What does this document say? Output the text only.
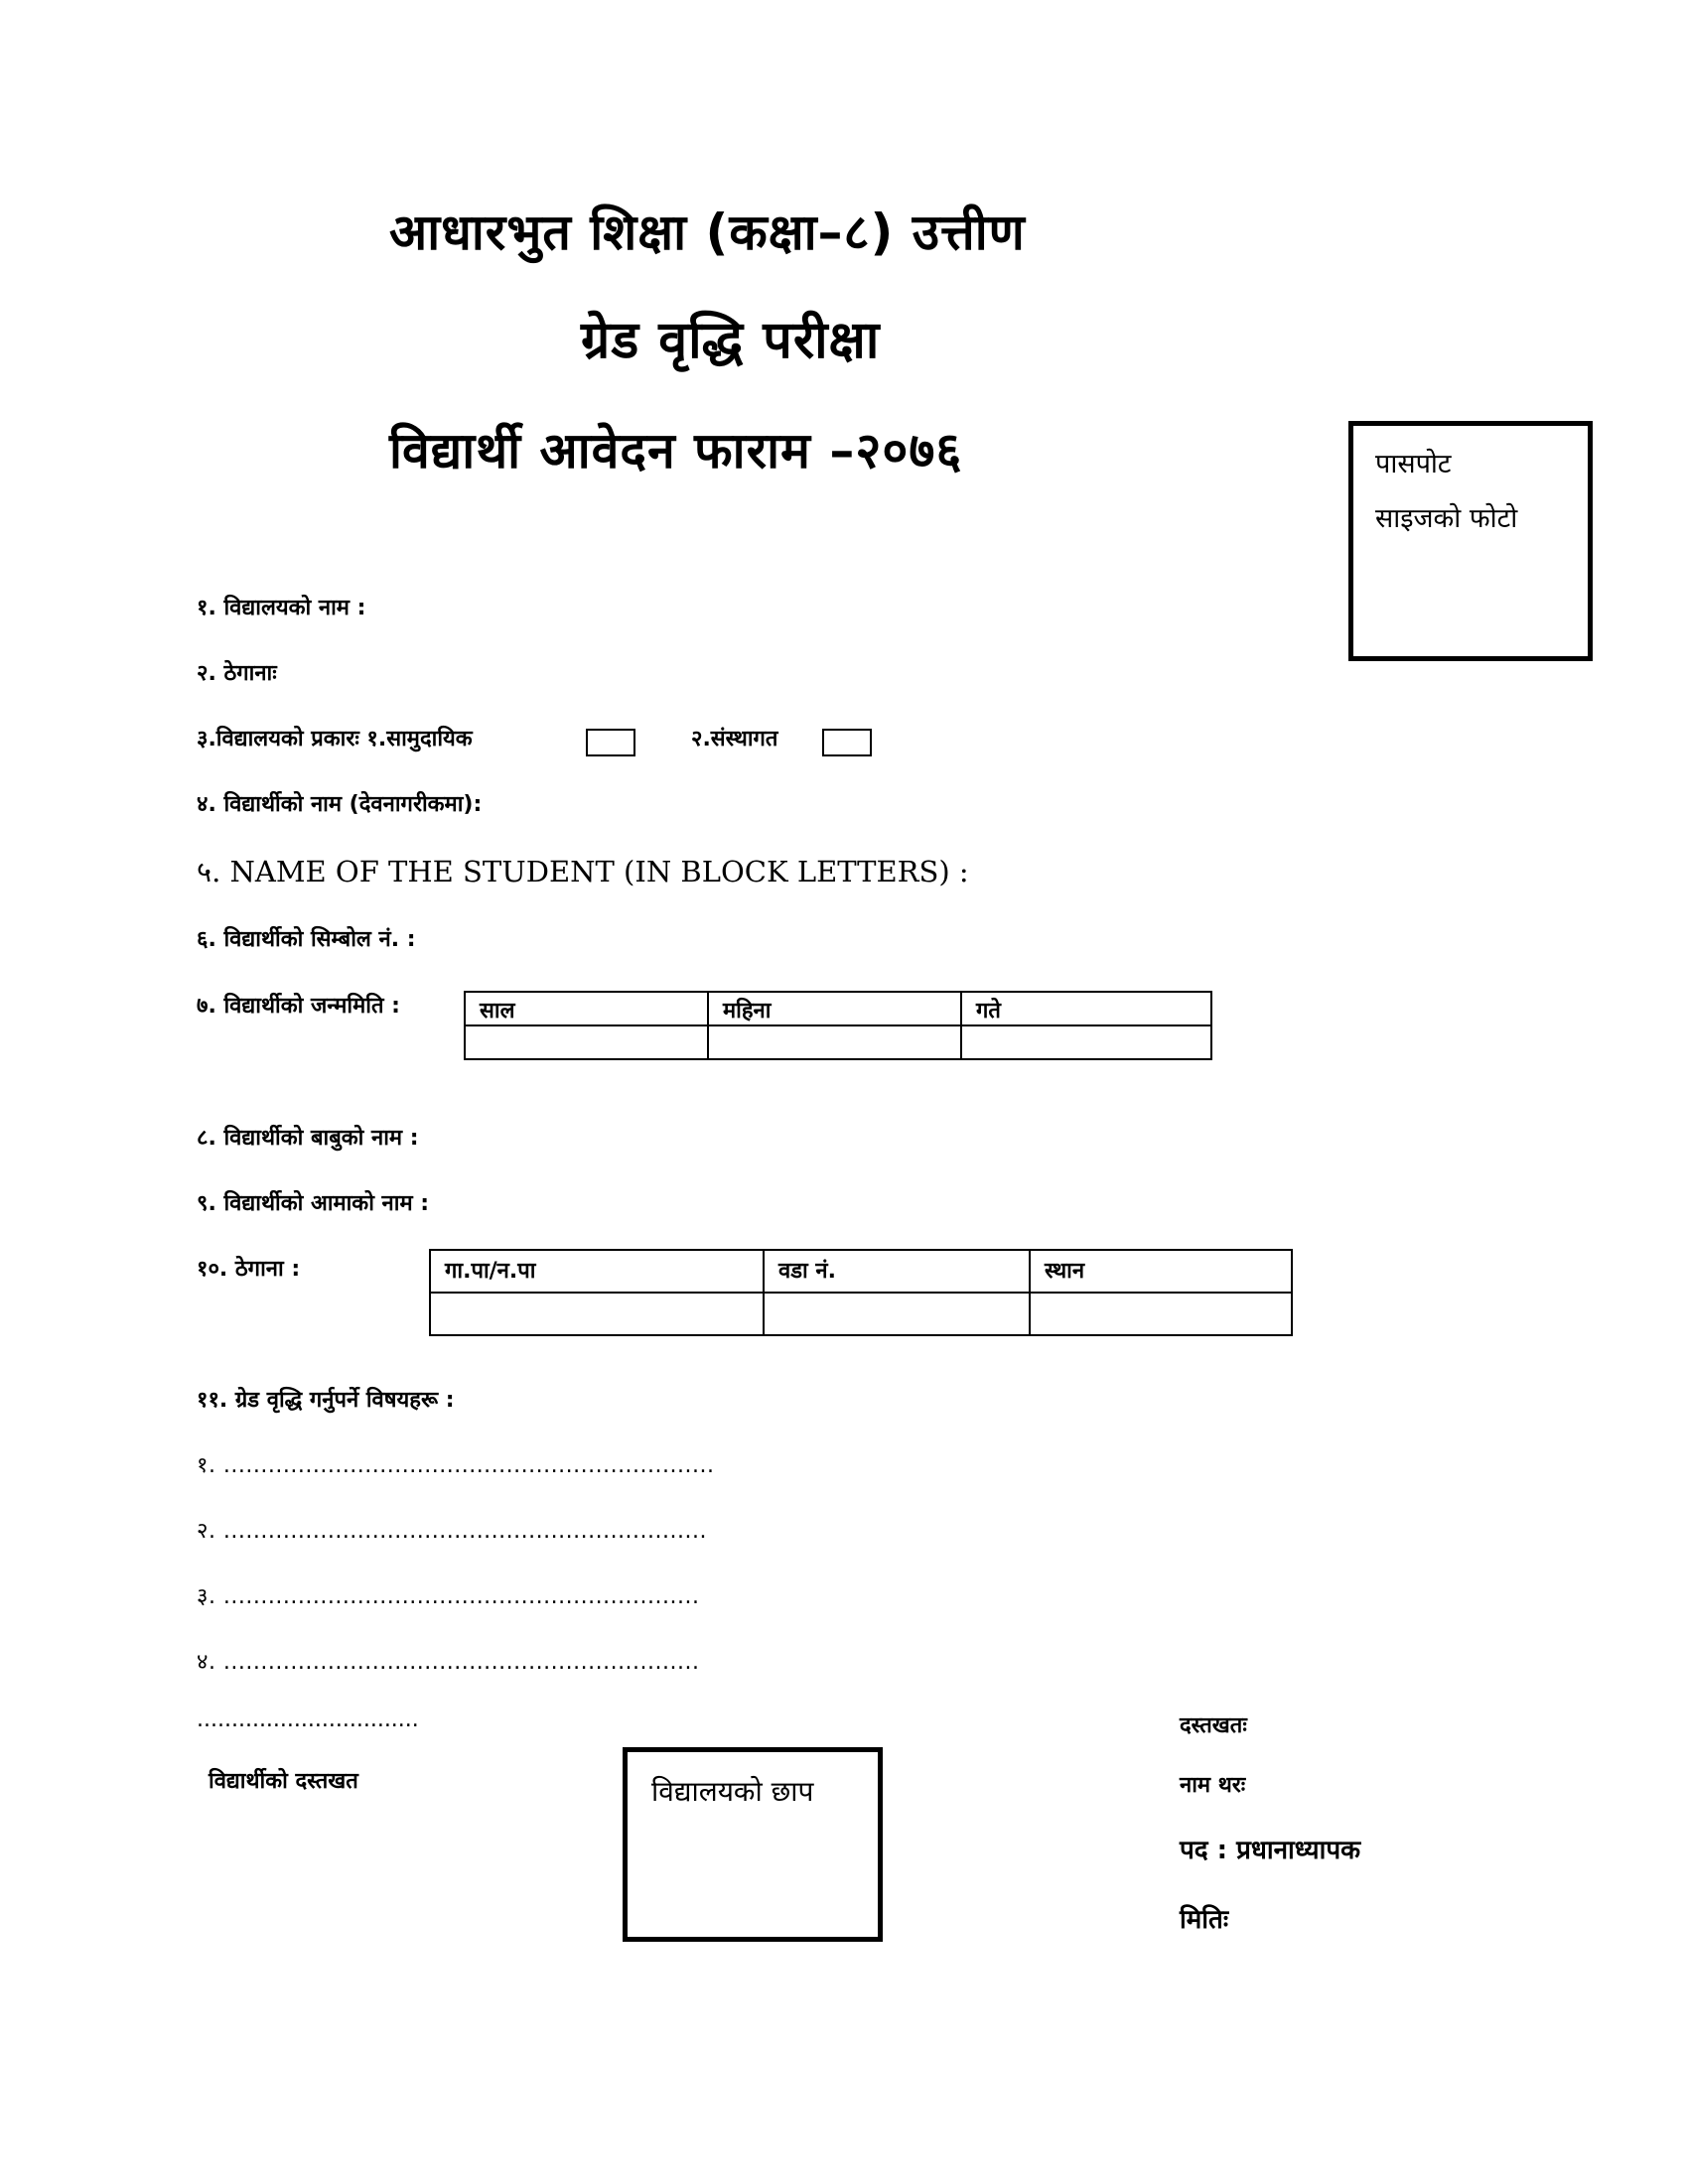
आधारभुत शिक्षा (कक्षा–८) उत्तीण
ग्रेड वृद्धि परीक्षा
विद्यार्थी आवेदन फाराम –२०७६	पासपोट
साइजको फोटो
१. विद्यालयको नाम :
२. ठेगानाः
३.विद्यालयको प्रकारः १.सामुदायिक	२.संस्थागत
४. विद्यार्थीको नाम (देवनागरीकमा):
५. NAME OF THE STUDENT (IN BLOCK LETTERS) :
६. विद्यार्थीको सिम्बोल नं. :
७. विद्यार्थीको जन्ममिति :	साल	महिना	गते

८. विद्यार्थीको बाबुको नाम :
९. विद्यार्थीको आमाको नाम :
१०. ठेगाना :	गा.पा/न.पा	वडा नं.	स्थान

११. ग्रेड वृद्धि गर्नुपर्ने विषयहरू :
१. ..................................................................
२. .................................................................
३. ................................................................
४. ................................................................
................................
विद्यार्थीको दस्तखत	विद्यालयको छाप
दस्तखतः
नाम थरः
पद : प्रधानाध्यापक
मितिः
